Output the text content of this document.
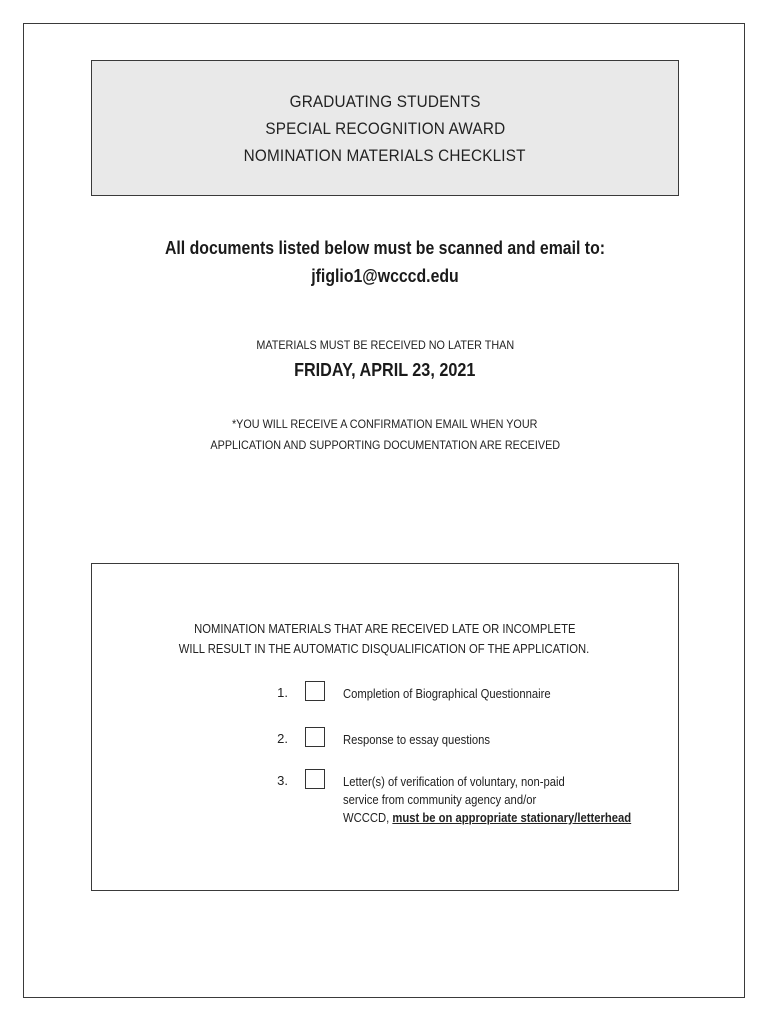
GRADUATING STUDENTS
SPECIAL RECOGNITION AWARD
NOMINATION MATERIALS CHECKLIST
All documents listed below must be scanned and email to:
jfiglio1@wcccd.edu
MATERIALS MUST BE RECEIVED NO LATER THAN
FRIDAY, APRIL 23, 2021
*YOU WILL RECEIVE A CONFIRMATION EMAIL WHEN YOUR
APPLICATION AND SUPPORTING DOCUMENTATION ARE RECEIVED
NOMINATION MATERIALS THAT ARE RECEIVED LATE OR INCOMPLETE
WILL RESULT IN THE AUTOMATIC DISQUALIFICATION OF THE APPLICATION.
1.	Completion of Biographical Questionnaire
2.	Response to essay questions
3.	Letter(s) of verification of voluntary, non-paid
service from community agency and/or
WCCCD, must be on appropriate stationary/letterhead
